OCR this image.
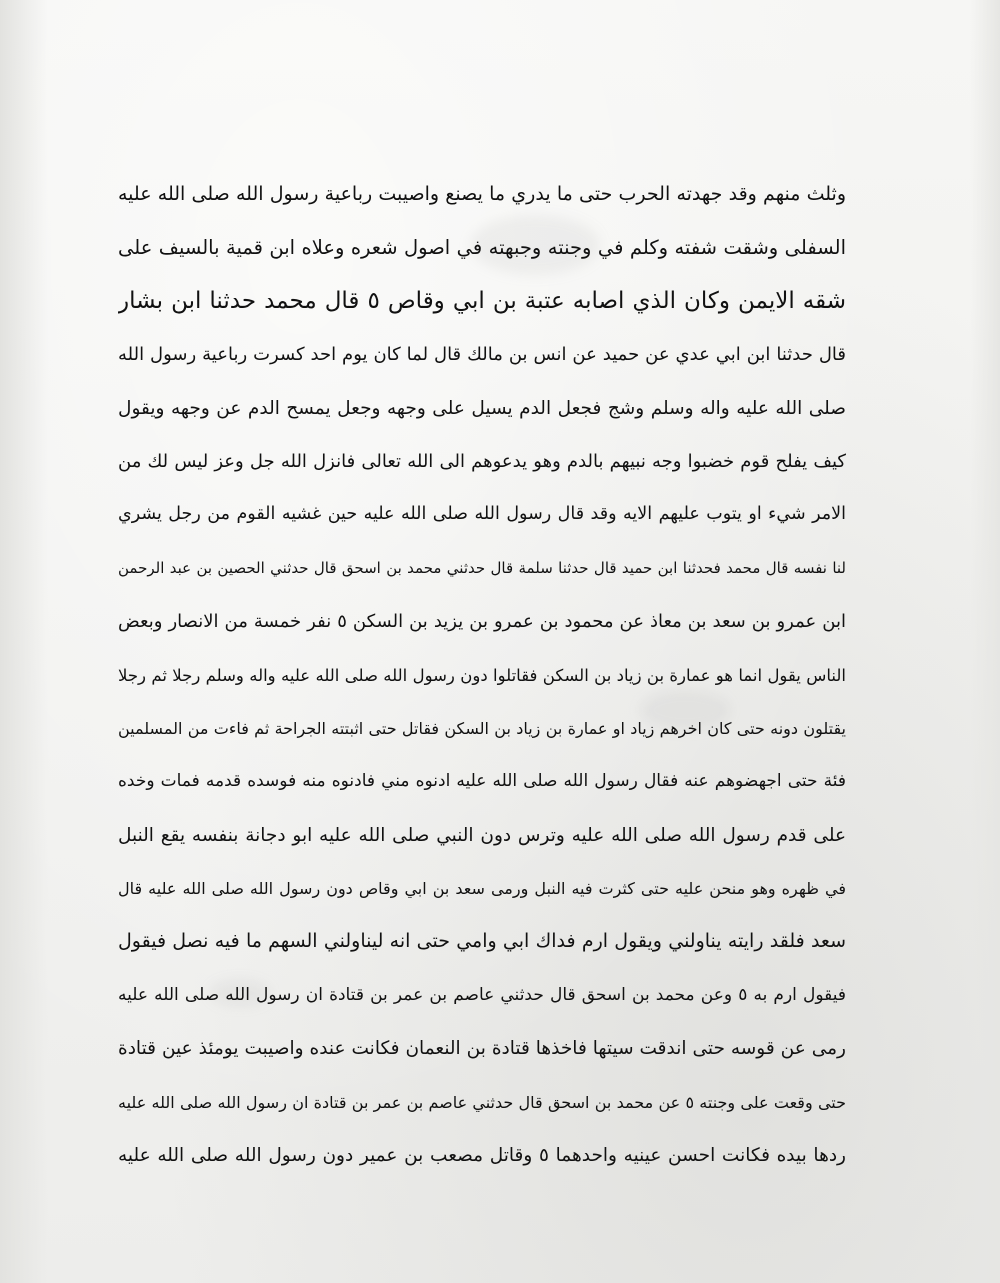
وثلث منهم وقد جهدته الحرب حتى ما يدري ما يصنع واصيبت رباعية رسول الله صلى الله عليه
السفلى وشقت شفته وكلم في وجنته وجبهته في اصول شعره وعلاه ابن قمية بالسيف على
شقه الايمن وكان الذي اصابه عتبة بن ابي وقاص ٥ قال محمد حدثنا ابن بشار
قال حدثنا ابن ابي عدي عن حميد عن انس بن مالك قال لما كان يوم احد كسرت رباعية رسول الله
صلى الله عليه واله وسلم وشج فجعل الدم يسيل على وجهه وجعل يمسح الدم عن وجهه ويقول
كيف يفلح قوم خضبوا وجه نبيهم بالدم وهو يدعوهم الى الله تعالى فانزل الله جل وعز ليس لك من
الامر شيء او يتوب عليهم الايه وقد قال رسول الله صلى الله عليه حين غشيه القوم من رجل يشري
لنا نفسه قال محمد فحدثنا ابن حميد قال حدثنا سلمة قال حدثني محمد بن اسحق قال حدثني الحصين بن عبد الرحمن
ابن عمرو بن سعد بن معاذ عن محمود بن عمرو بن يزيد بن السكن ٥ نفر خمسة من الانصار وبعض
الناس يقول انما هو عمارة بن زياد بن السكن فقاتلوا دون رسول الله صلى الله عليه واله وسلم رجلا ثم رجلا
يقتلون دونه حتى كان اخرهم زياد او عمارة بن زياد بن السكن فقاتل حتى اثبتته الجراحة ثم فاءت من المسلمين
فئة حتى اجهضوهم عنه فقال رسول الله صلى الله عليه ادنوه مني فادنوه منه فوسده قدمه فمات وخده
على قدم رسول الله صلى الله عليه وترس دون النبي صلى الله عليه ابو دجانة بنفسه يقع النبل
في ظهره وهو منحن عليه حتى كثرت فيه النبل ورمى سعد بن ابي وقاص دون رسول الله صلى الله عليه قال
سعد فلقد رايته يناولني ويقول ارم فداك ابي وامي حتى انه ليناولني السهم ما فيه نصل فيقول
فيقول ارم به ٥ وعن محمد بن اسحق قال حدثني عاصم بن عمر بن قتادة ان رسول الله صلى الله عليه
رمى عن قوسه حتى اندقت سيتها فاخذها قتادة بن النعمان فكانت عنده واصيبت يومئذ عين قتادة
حتى وقعت على وجنته ٥ عن محمد بن اسحق قال حدثني عاصم بن عمر بن قتادة ان رسول الله صلى الله عليه
ردها بيده فكانت احسن عينيه واحدهما ٥ وقاتل مصعب بن عمير دون رسول الله صلى الله عليه
